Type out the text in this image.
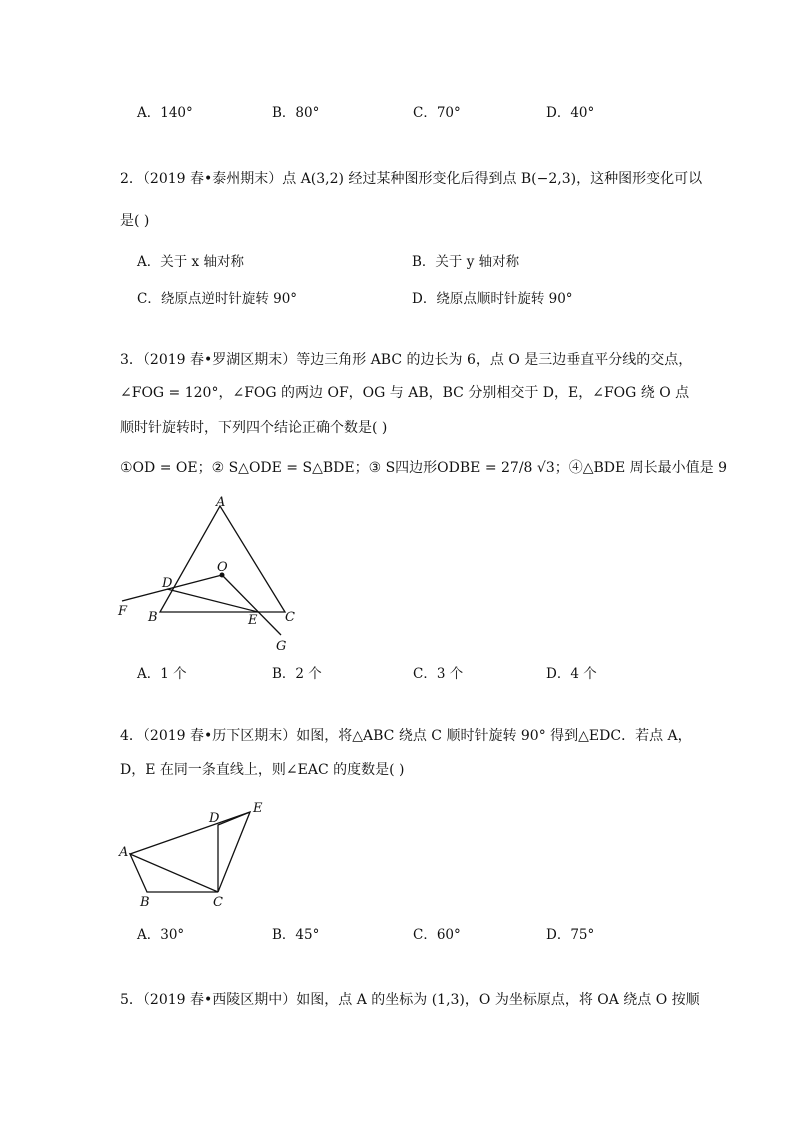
A．140°	B．80°	C．70°	D．40°
2．（2019 春•泰州期末）点 A(3,2) 经过某种图形变化后得到点 B(−2,3)，这种图形变化可以
是( )
A．关于 x 轴对称	B．关于 y 轴对称
C．绕原点逆时针旋转 90°	D．绕原点顺时针旋转 90°
3．（2019 春•罗湖区期末）等边三角形 ABC 的边长为 6，点 O 是三边垂直平分线的交点，
∠FOG = 120°，∠FOG 的两边 OF，OG 与 AB，BC 分别相交于 D，E，∠FOG 绕 O 点
顺时针旋转时，下列四个结论正确个数是( )
①OD = OE；② S△ODE = S△BDE；③ S四边形ODBE = 27/8 √3；④△BDE 周长最小值是 9
A
O
D
F B	E C
G
A．1 个	B．2 个	C．3 个	D．4 个
4．（2019 春•历下区期末）如图，将△ABC 绕点 C 顺时针旋转 90° 得到△EDC．若点 A，
D，E 在同一条直线上，则∠EAC 的度数是( )
D
E
A
B	C
A．30°	B．45°	C．60°	D．75°
5．（2019 春•西陵区期中）如图，点 A 的坐标为 (1,3)，O 为坐标原点，将 OA 绕点 O 按顺
